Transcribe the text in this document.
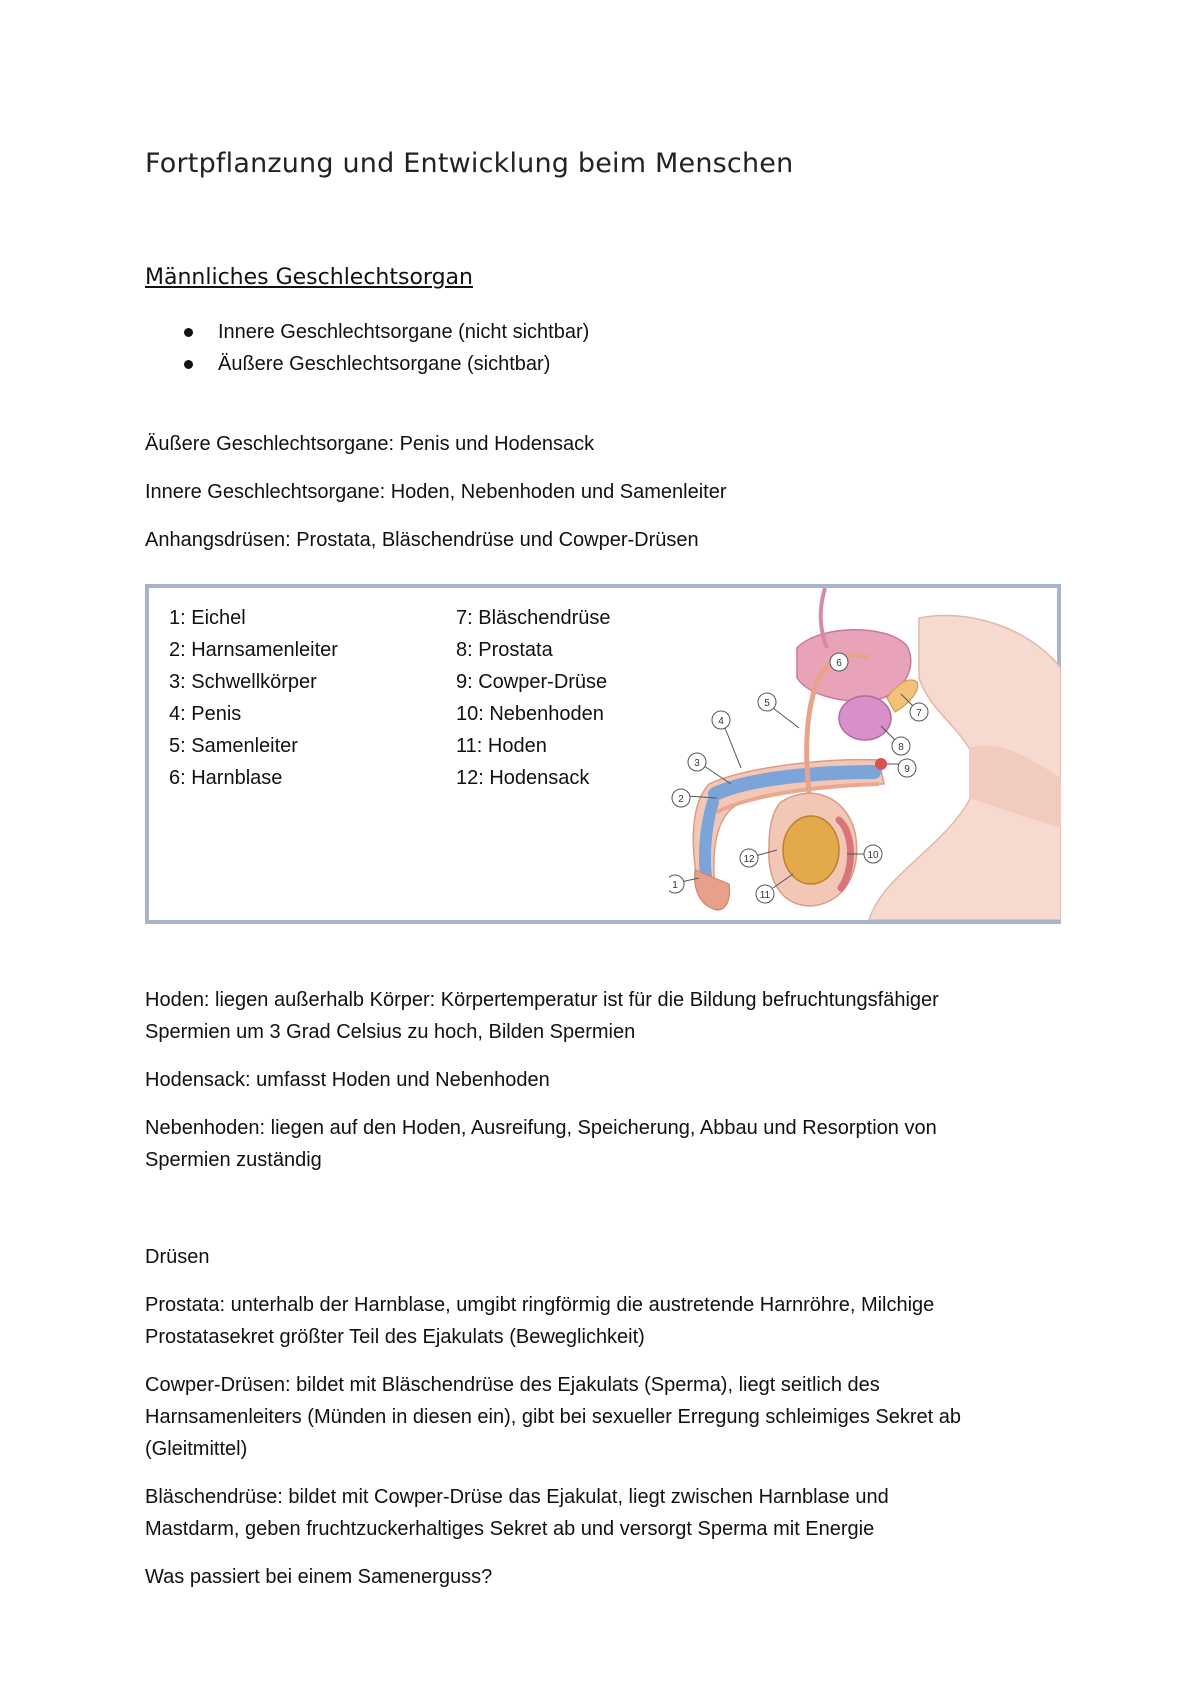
Fortpflanzung und Entwicklung beim Menschen
Männliches Geschlechtsorgan
Innere Geschlechtsorgane (nicht sichtbar)
Äußere Geschlechtsorgane (sichtbar)
Äußere Geschlechtsorgane: Penis und Hodensack
Innere Geschlechtsorgane: Hoden, Nebenhoden und Samenleiter
Anhangsdrüsen: Prostata, Bläschendrüse und Cowper-Drüsen
1: Eichel
2: Harnsamenleiter
3: Schwellkörper
4: Penis
5: Samenleiter
6: Harnblase
7: Bläschendrüse
8: Prostata
9: Cowper-Drüse
10: Nebenhoden
11: Hoden
12: Hodensack
1
2
3
4
5
6
7
8
9
10
11
12
Hoden: liegen außerhalb Körper: Körpertemperatur ist für die Bildung befruchtungsfähiger
Spermien um 3 Grad Celsius zu hoch, Bilden Spermien
Hodensack: umfasst Hoden und Nebenhoden
Nebenhoden: liegen auf den Hoden, Ausreifung, Speicherung, Abbau und Resorption von
Spermien zuständig
Drüsen
Prostata: unterhalb der Harnblase, umgibt ringförmig die austretende Harnröhre, Milchige
Prostatasekret größter Teil des Ejakulats (Beweglichkeit)
Cowper-Drüsen: bildet mit Bläschendrüse des Ejakulats (Sperma), liegt seitlich des
Harnsamenleiters (Münden in diesen ein), gibt bei sexueller Erregung schleimiges Sekret ab
(Gleitmittel)
Bläschendrüse: bildet mit Cowper-Drüse das Ejakulat, liegt zwischen Harnblase und
Mastdarm, geben fruchtzuckerhaltiges Sekret ab und versorgt Sperma mit Energie
Was passiert bei einem Samenerguss?
